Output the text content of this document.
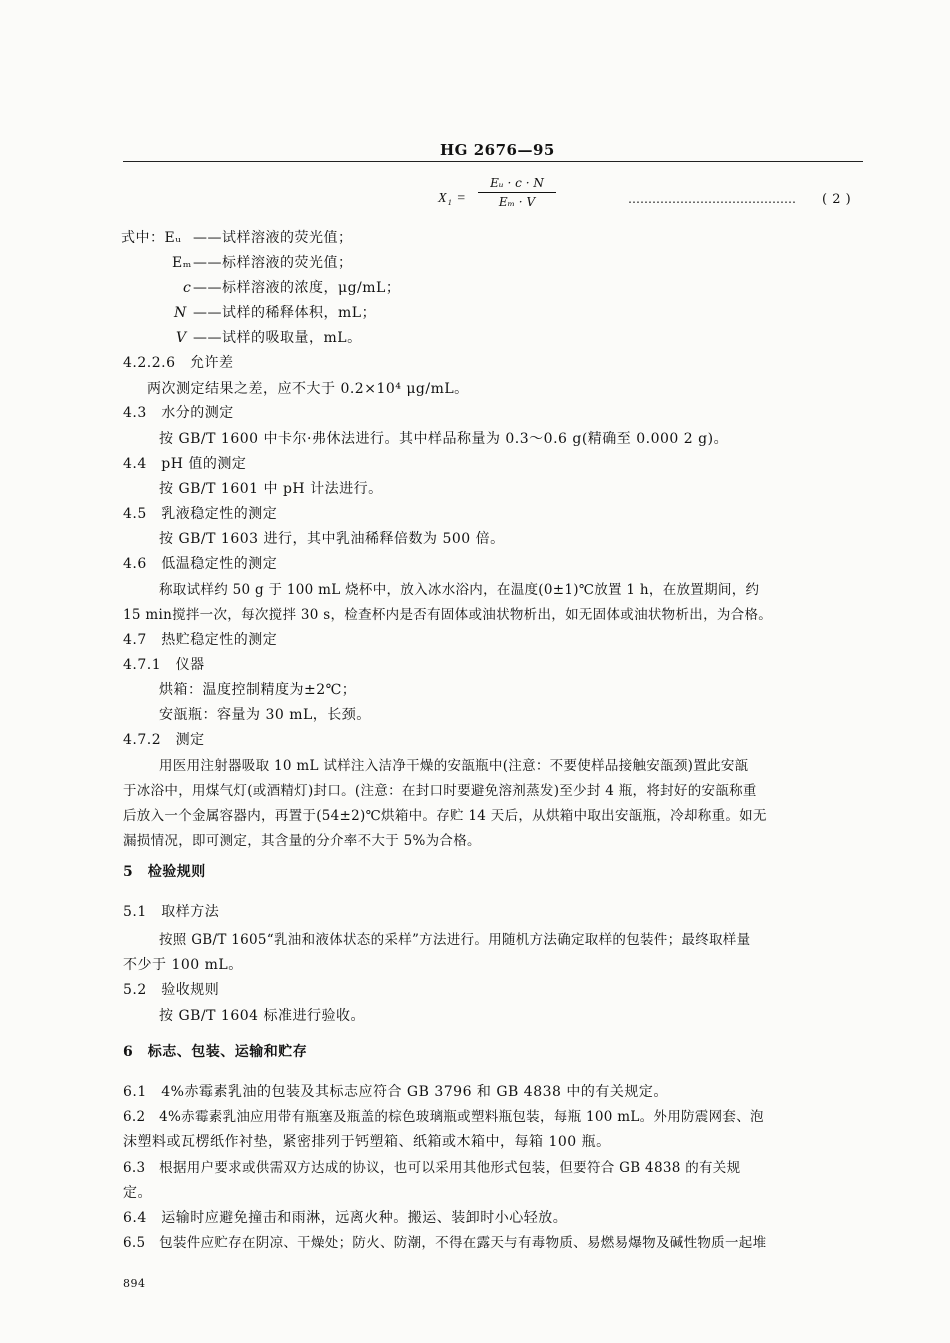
HG 2676—95
X₁ =
Eᵤ · c · N
Eₘ · V	…………………………………… ( 2 )
式中：Eᵤ ——试样溶液的荧光值；
Eₘ ——标样溶液的荧光值；
c ——标样溶液的浓度，μg/mL；
N ——试样的稀释体积，mL；
V ——试样的吸取量，mL。
4.2.2.6　允许差
两次测定结果之差，应不大于 0.2×10⁴ μg/mL。
4.3　水分的测定
按 GB/T 1600 中卡尔·弗休法进行。其中样品称量为 0.3～0.6 g(精确至 0.000 2 g)。
4.4　pH 值的测定
按 GB/T 1601 中 pH 计法进行。
4.5　乳液稳定性的测定
按 GB/T 1603 进行，其中乳油稀释倍数为 500 倍。
4.6　低温稳定性的测定
称取试样约 50 g 于 100 mL 烧杯中，放入冰水浴内，在温度(0±1)℃放置 1 h，在放置期间，约
15 min搅拌一次，每次搅拌 30 s，检查杯内是否有固体或油状物析出，如无固体或油状物析出，为合格。
4.7　热贮稳定性的测定
4.7.1　仪器
烘箱：温度控制精度为±2℃；
安瓿瓶：容量为 30 mL，长颈。
4.7.2　测定
用医用注射器吸取 10 mL 试样注入洁净干燥的安瓿瓶中(注意：不要使样品接触安瓿颈)置此安瓿
于冰浴中，用煤气灯(或酒精灯)封口。(注意：在封口时要避免溶剂蒸发)至少封 4 瓶，将封好的安瓿称重
后放入一个金属容器内，再置于(54±2)℃烘箱中。存贮 14 天后，从烘箱中取出安瓿瓶，冷却称重。如无
漏损情况，即可测定，其含量的分介率不大于 5%为合格。
5　检验规则
5.1　取样方法
按照 GB/T 1605“乳油和液体状态的采样”方法进行。用随机方法确定取样的包装件；最终取样量
不少于 100 mL。
5.2　验收规则
按 GB/T 1604 标准进行验收。
6　标志、包装、运输和贮存
6.1　4%赤霉素乳油的包装及其标志应符合 GB 3796 和 GB 4838 中的有关规定。
6.2　4%赤霉素乳油应用带有瓶塞及瓶盖的棕色玻璃瓶或塑料瓶包装，每瓶 100 mL。外用防震网套、泡
沫塑料或瓦楞纸作衬垫，紧密排列于钙塑箱、纸箱或木箱中，每箱 100 瓶。
6.3　根据用户要求或供需双方达成的协议，也可以采用其他形式包装，但要符合 GB 4838 的有关规
定。
6.4　运输时应避免撞击和雨淋，远离火种。搬运、装卸时小心轻放。
6.5　包装件应贮存在阴凉、干燥处；防火、防潮，不得在露天与有毒物质、易燃易爆物及碱性物质一起堆
894
